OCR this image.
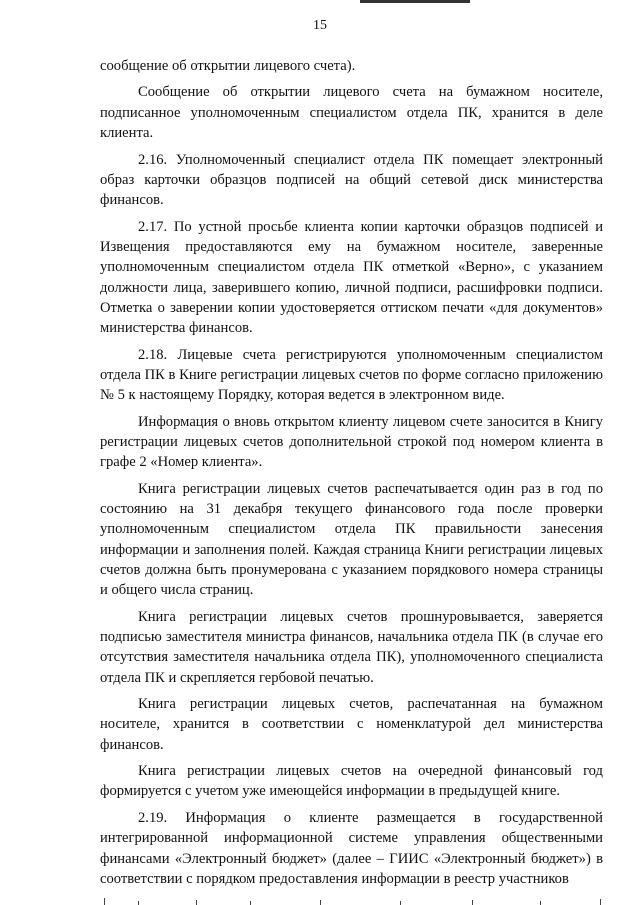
15

сообщение об открытии лицевого счета).

Сообщение об открытии лицевого счета на бумажном носителе, подписанное уполномоченным специалистом отдела ПК, хранится в деле клиента.

2.16. Уполномоченный специалист отдела ПК помещает электронный образ карточки образцов подписей на общий сетевой диск министерства финансов.

2.17. По устной просьбе клиента копии карточки образцов подписей и Извещения предоставляются ему на бумажном носителе, заверенные уполномоченным специалистом отдела ПК отметкой «Верно», с указанием должности лица, заверившего копию, личной подписи, расшифровки подписи. Отметка о заверении копии удостоверяется оттиском печати «для документов» министерства финансов.

2.18. Лицевые счета регистрируются уполномоченным специалистом отдела ПК в Книге регистрации лицевых счетов по форме согласно приложению № 5 к настоящему Порядку, которая ведется в электронном виде.

Информация о вновь открытом клиенту лицевом счете заносится в Книгу регистрации лицевых счетов дополнительной строкой под номером клиента в графе 2 «Номер клиента».

Книга регистрации лицевых счетов распечатывается один раз в год по состоянию на 31 декабря текущего финансового года после проверки уполномоченным специалистом отдела ПК правильности занесения информации и заполнения полей. Каждая страница Книги регистрации лицевых счетов должна быть пронумерована с указанием порядкового номера страницы и общего числа страниц.

Книга регистрации лицевых счетов прошнуровывается, заверяется подписью заместителя министра финансов, начальника отдела ПК (в случае его отсутствия заместителя начальника отдела ПК), уполномоченного специалиста отдела ПК и скрепляется гербовой печатью.

Книга регистрации лицевых счетов, распечатанная на бумажном носителе, хранится в соответствии с номенклатурой дел министерства финансов.

Книга регистрации лицевых счетов на очередной финансовый год формируется с учетом уже имеющейся информации в предыдущей книге.

2.19. Информация о клиенте размещается в государственной интегрированной информационной системе управления общественными финансами «Электронный бюджет» (далее – ГИИС «Электронный бюджет») в соответствии с порядком предоставления информации в реестр участников
